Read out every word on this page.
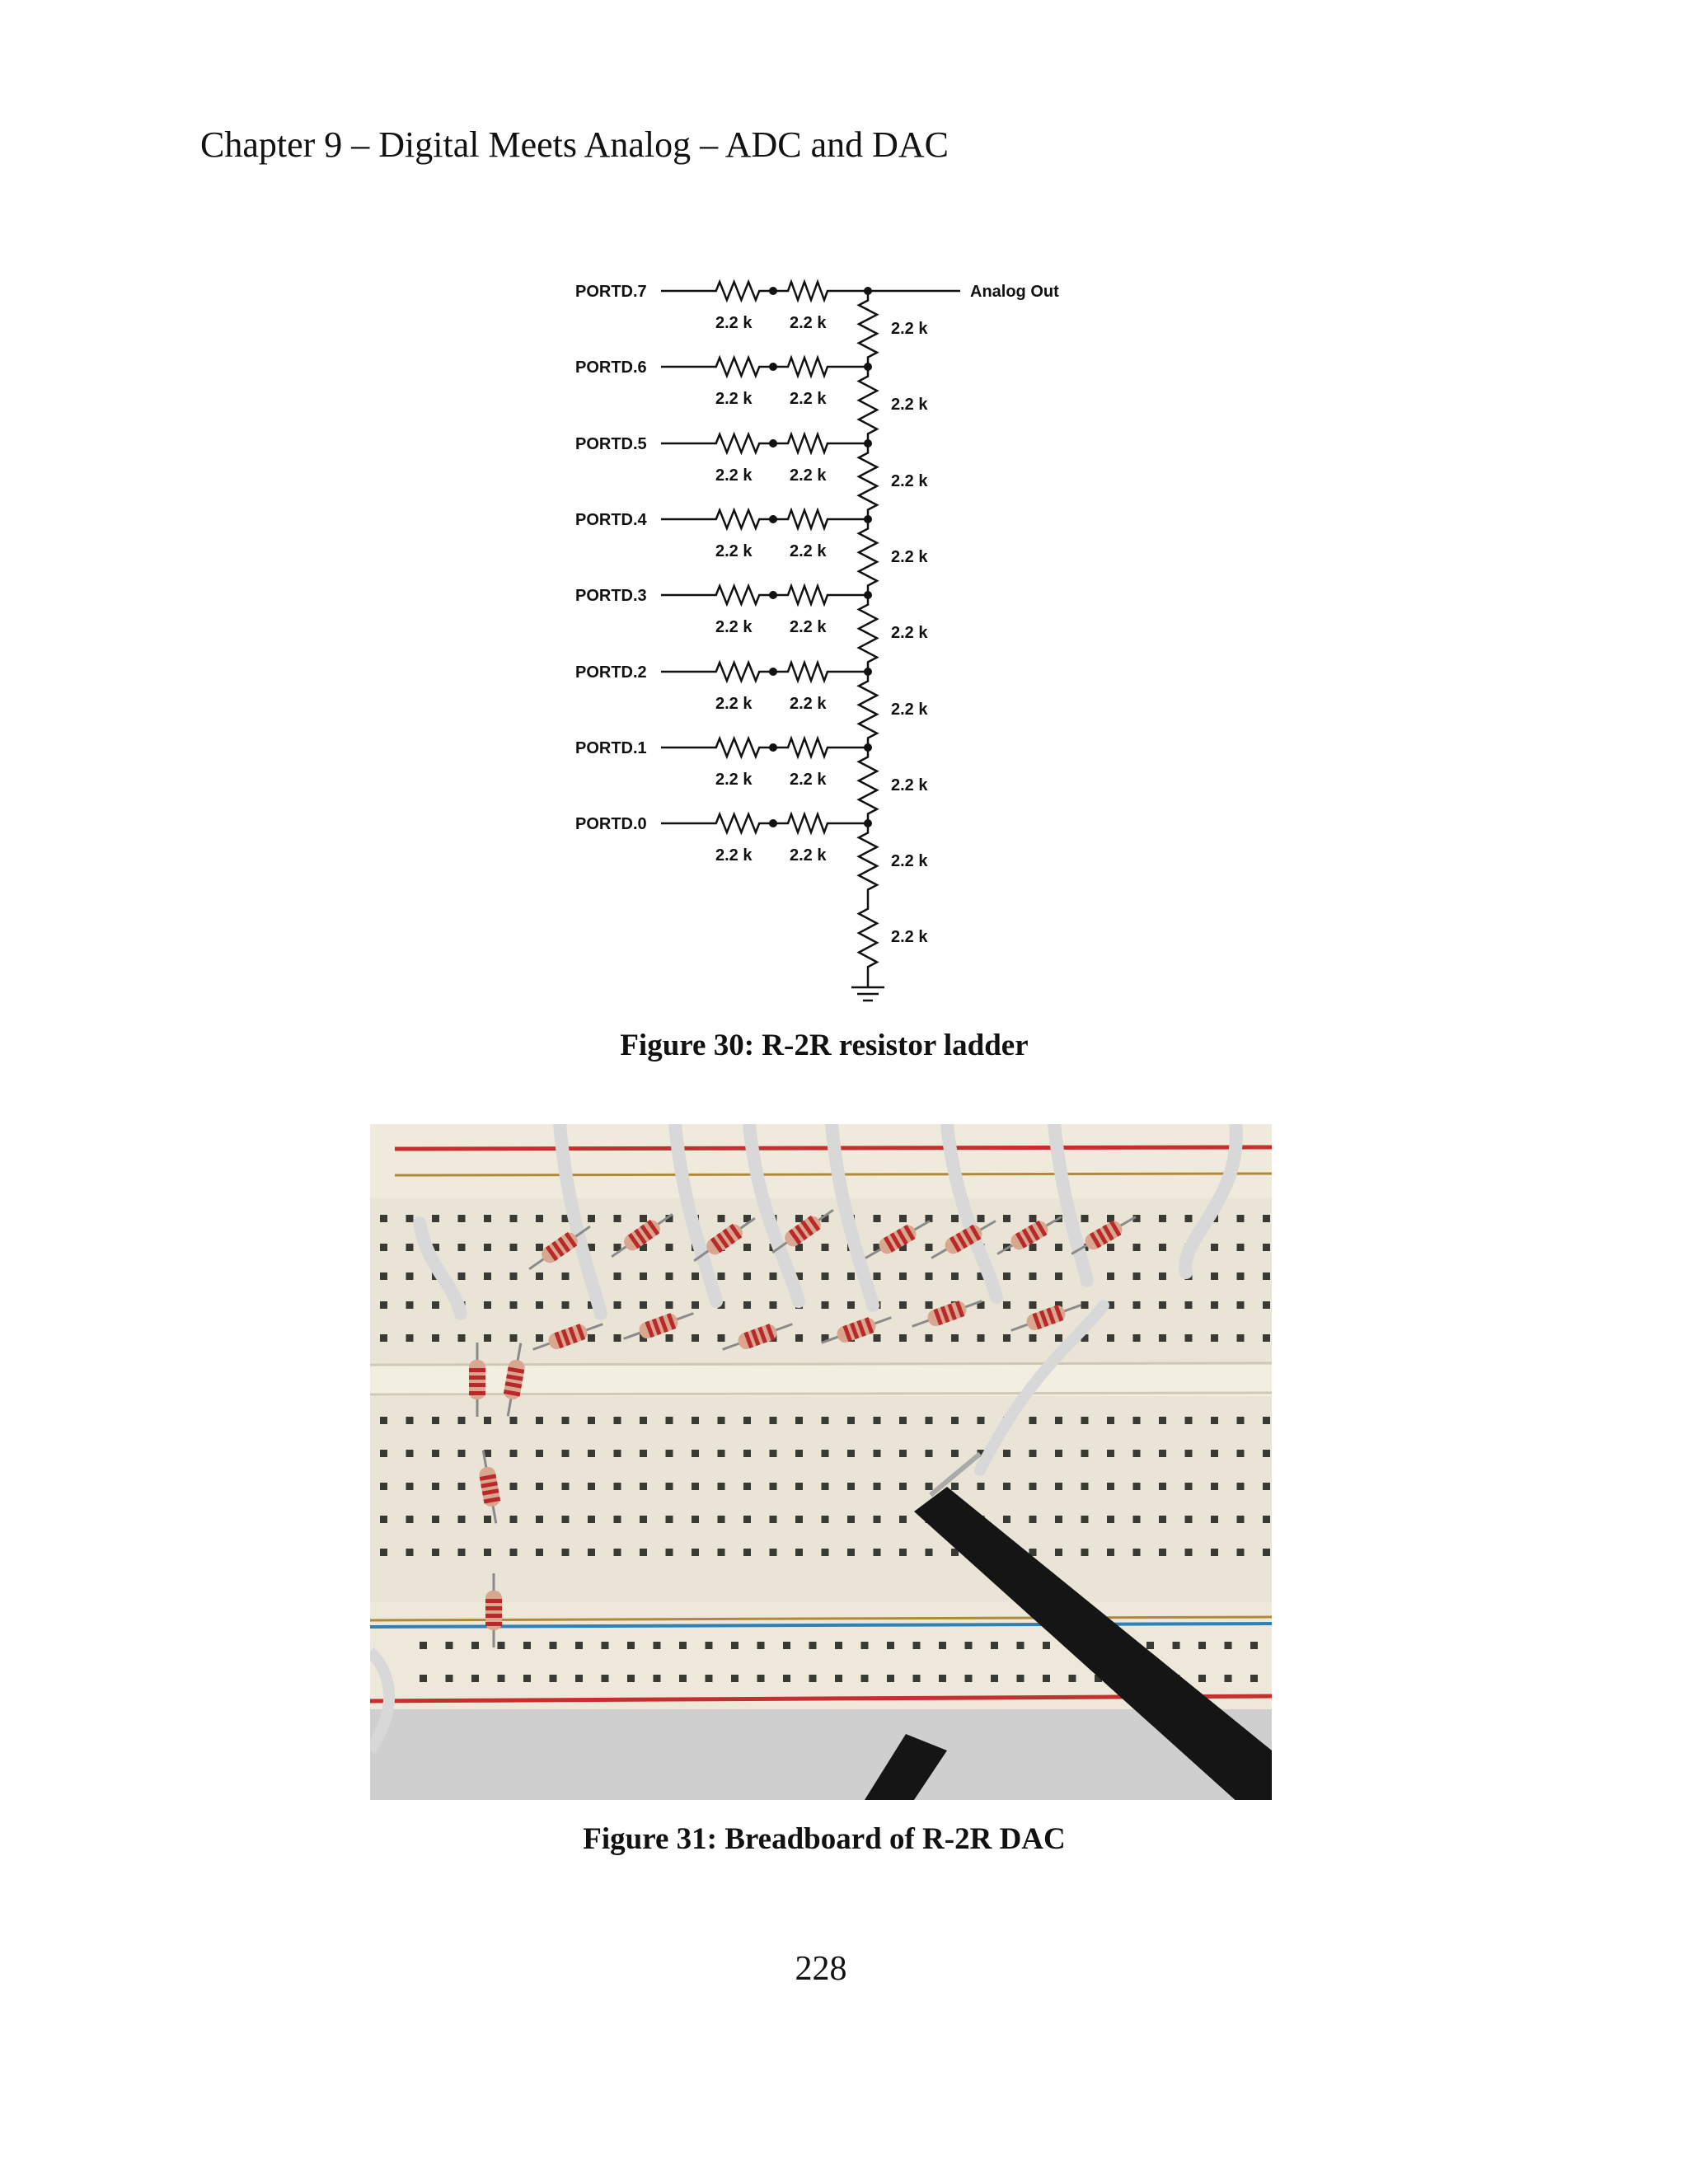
Chapter 9 – Digital Meets Analog – ADC and DAC
PORTD.7
2.2 k 2.2 k	2.2 k
PORTD.6
2.2 k 2.2 k	2.2 k
PORTD.5
2.2 k 2.2 k	2.2 k
PORTD.4
2.2 k 2.2 k	2.2 k
PORTD.3
2.2 k 2.2 k	2.2 k
PORTD.2
2.2 k 2.2 k	2.2 k
PORTD.1
2.2 k 2.2 k	2.2 k
PORTD.0
2.2 k 2.2 k	2.2 k
2.2 k
Analog Out
Figure 30: R-2R resistor ladder
Figure 31: Breadboard of R-2R DAC
228
